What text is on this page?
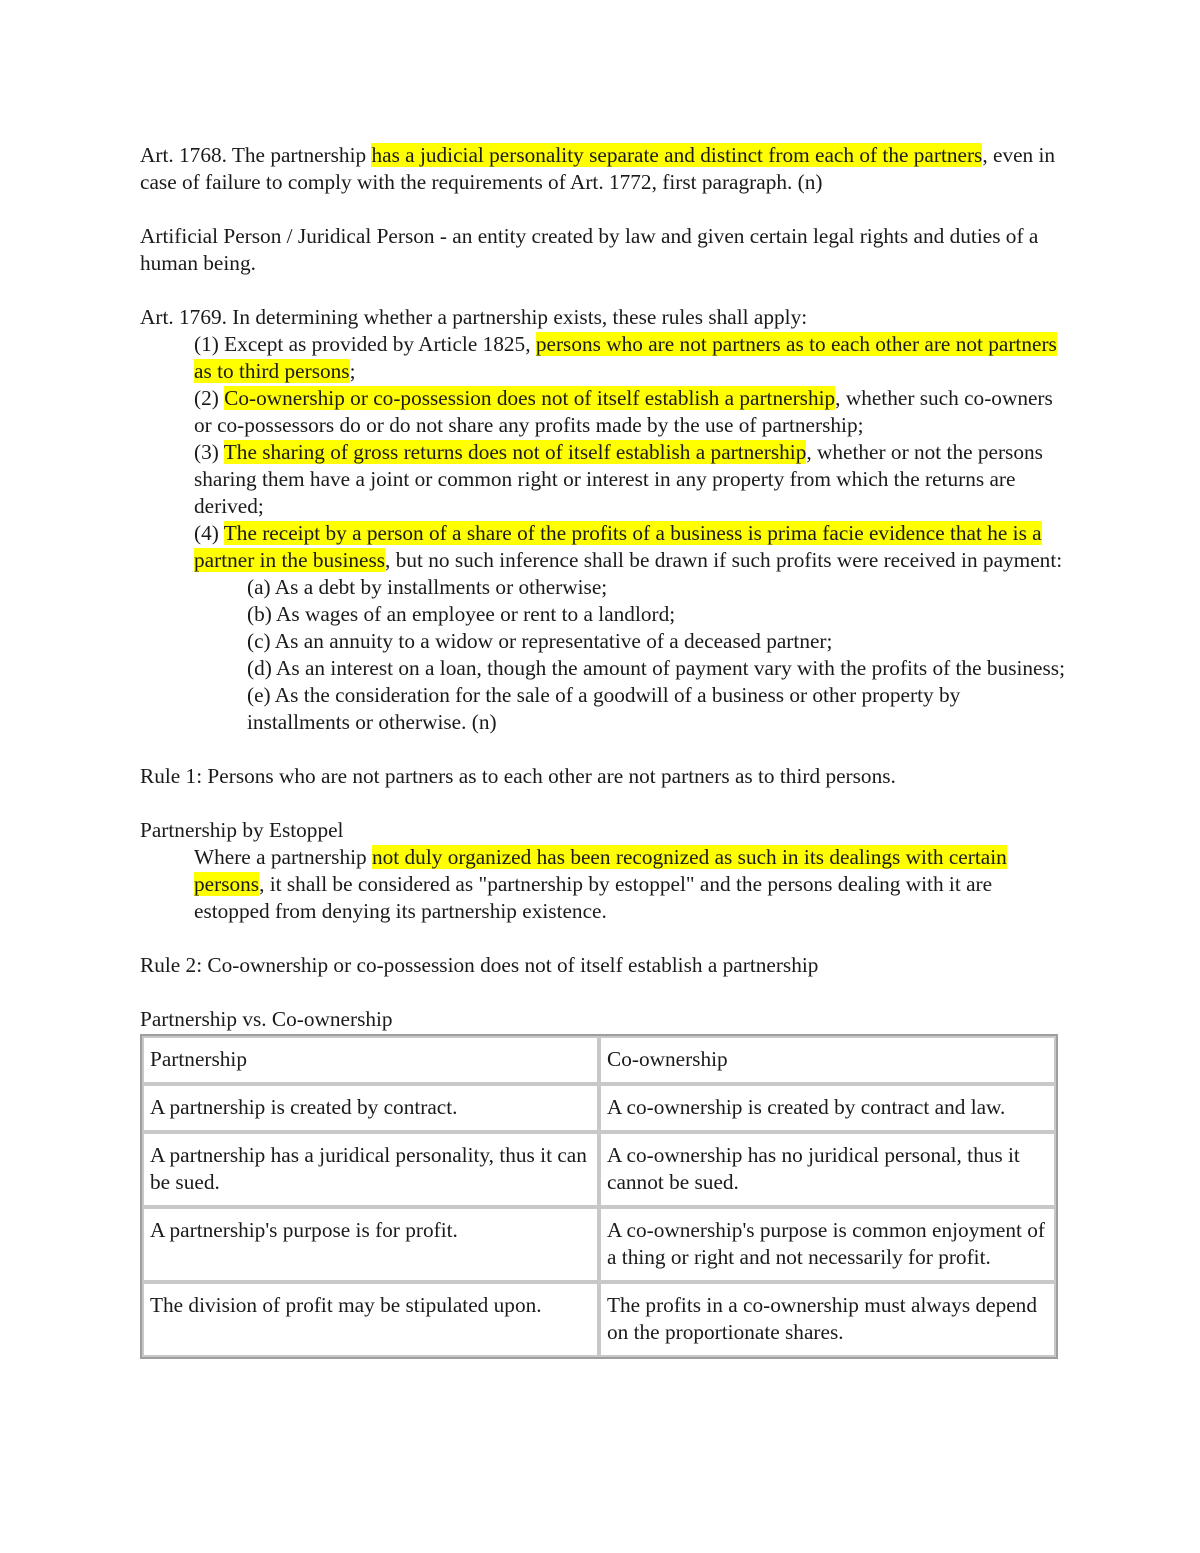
Art. 1768. The partnership has a judicial personality separate and distinct from each of the partners, even in case of failure to comply with the requirements of Art. 1772, first paragraph. (n)

Artificial Person / Juridical Person - an entity created by law and given certain legal rights and duties of a human being.

Art. 1769. In determining whether a partnership exists, these rules shall apply:

(1) Except as provided by Article 1825, persons who are not partners as to each other are not partners as to third persons;

(2) Co-ownership or co-possession does not of itself establish a partnership, whether such co-owners or co-possessors do or do not share any profits made by the use of partnership;

(3) The sharing of gross returns does not of itself establish a partnership, whether or not the persons sharing them have a joint or common right or interest in any property from which the returns are derived;

(4) The receipt by a person of a share of the profits of a business is prima facie evidence that he is a partner in the business, but no such inference shall be drawn if such profits were received in payment:

(a) As a debt by installments or otherwise;

(b) As wages of an employee or rent to a landlord;

(c) As an annuity to a widow or representative of a deceased partner;

(d) As an interest on a loan, though the amount of payment vary with the profits of the business;

(e) As the consideration for the sale of a goodwill of a business or other property by installments or otherwise. (n)

Rule 1: Persons who are not partners as to each other are not partners as to third persons.

Partnership by Estoppel

Where a partnership not duly organized has been recognized as such in its dealings with certain persons, it shall be considered as "partnership by estoppel" and the persons dealing with it are estopped from denying its partnership existence.

Rule 2: Co-ownership or co-possession does not of itself establish a partnership

Partnership vs. Co-ownership

Partnership	Co-ownership
A partnership is created by contract.	A co-ownership is created by contract and law.
A partnership has a juridical personality, thus it can be sued.	A co-ownership has no juridical personal, thus it cannot be sued.
A partnership's purpose is for profit.	A co-ownership's purpose is common enjoyment of a thing or right and not necessarily for profit.
The division of profit may be stipulated upon.	The profits in a co-ownership must always depend on the proportionate shares.
